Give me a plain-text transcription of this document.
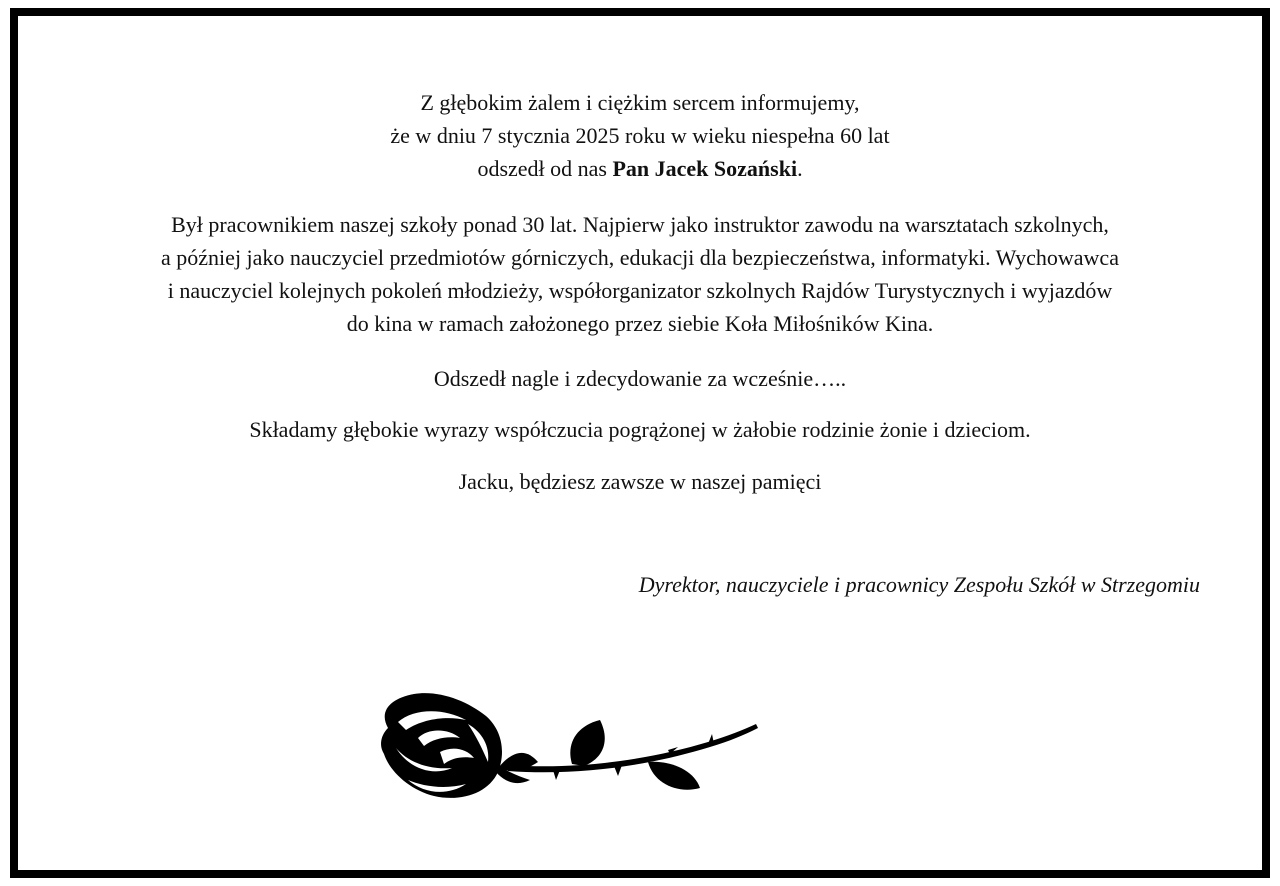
Z głębokim żalem i ciężkim sercem informujemy,
że w dniu 7 stycznia 2025 roku w wieku niespełna 60 lat
odszedł od nas Pan Jacek Sozański.
Był pracownikiem naszej szkoły ponad 30 lat. Najpierw jako instruktor zawodu na warsztatach szkolnych,
a później jako nauczyciel przedmiotów górniczych, edukacji dla bezpieczeństwa, informatyki. Wychowawca
i nauczyciel kolejnych pokoleń młodzieży, współorganizator szkolnych Rajdów Turystycznych i wyjazdów
do kina w ramach założonego przez siebie Koła Miłośników Kina.
Odszedł nagle i zdecydowanie za wcześnie…..
Składamy głębokie wyrazy współczucia pogrążonej w żałobie rodzinie żonie i dzieciom.
Jacku, będziesz zawsze w naszej pamięci
Dyrektor, nauczyciele i pracownicy Zespołu Szkół w Strzegomiu
